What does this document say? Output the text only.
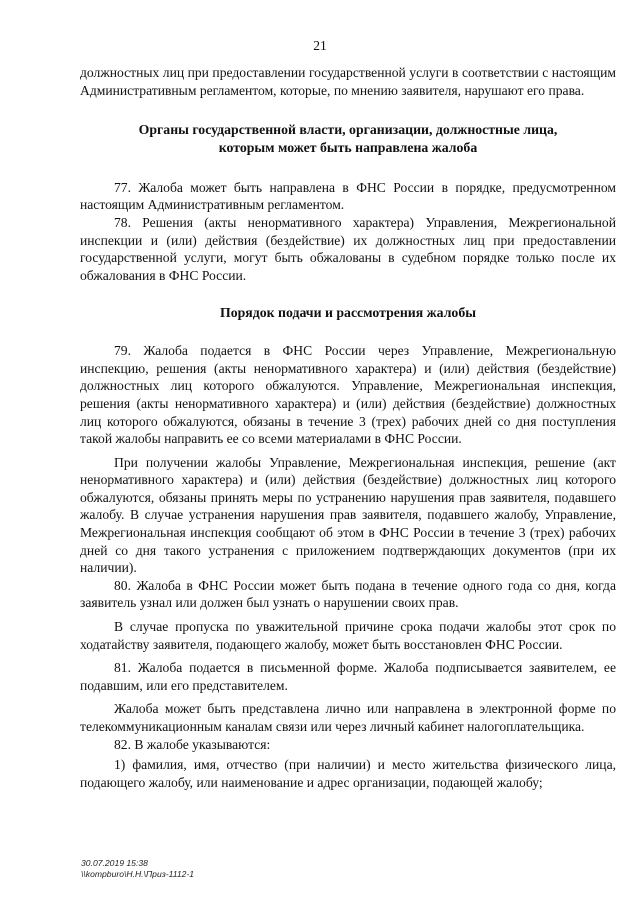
21

должностных лиц при предоставлении государственной услуги в соответствии с настоящим Административным регламентом, которые, по мнению заявителя, нарушают его права.

Органы государственной власти, организации, должностные лица,
которым может быть направлена жалоба

77. Жалоба может быть направлена в ФНС России в порядке, предусмотренном настоящим Административным регламентом.

78. Решения (акты ненормативного характера) Управления, Межрегиональной инспекции и (или) действия (бездействие) их должностных лиц при предоставлении государственной услуги, могут быть обжалованы в судебном порядке только после их обжалования в ФНС России.

Порядок подачи и рассмотрения жалобы

79. Жалоба подается в ФНС России через Управление, Межрегиональную инспекцию, решения (акты ненормативного характера) и (или) действия (бездействие) должностных лиц которого обжалуются. Управление, Межрегиональная инспекция, решения (акты ненормативного характера) и (или) действия (бездействие) должностных лиц которого обжалуются, обязаны в течение 3 (трех) рабочих дней со дня поступления такой жалобы направить ее со всеми материалами в ФНС России.

При получении жалобы Управление, Межрегиональная инспекция, решение (акт ненормативного характера) и (или) действия (бездействие) должностных лиц которого обжалуются, обязаны принять меры по устранению нарушения прав заявителя, подавшего жалобу. В случае устранения нарушения прав заявителя, подавшего жалобу, Управление, Межрегиональная инспекция сообщают об этом в ФНС России в течение 3 (трех) рабочих дней со дня такого устранения с приложением подтверждающих документов (при их наличии).

80. Жалоба в ФНС России может быть подана в течение одного года со дня, когда заявитель узнал или должен был узнать о нарушении своих прав.

В случае пропуска по уважительной причине срока подачи жалобы этот срок по ходатайству заявителя, подающего жалобу, может быть восстановлен ФНС России.

81. Жалоба подается в письменной форме. Жалоба подписывается заявителем, ее подавшим, или его представителем.

Жалоба может быть представлена лично или направлена в электронной форме по телекоммуникационным каналам связи или через личный кабинет налогоплательщика.

82. В жалобе указываются:

1) фамилия, имя, отчество (при наличии) и место жительства физического лица, подающего жалобу, или наименование и адрес организации, подающей жалобу;

30.07.2019 15:38
\\kompburo\Н.Н.\Приз-1112-1
